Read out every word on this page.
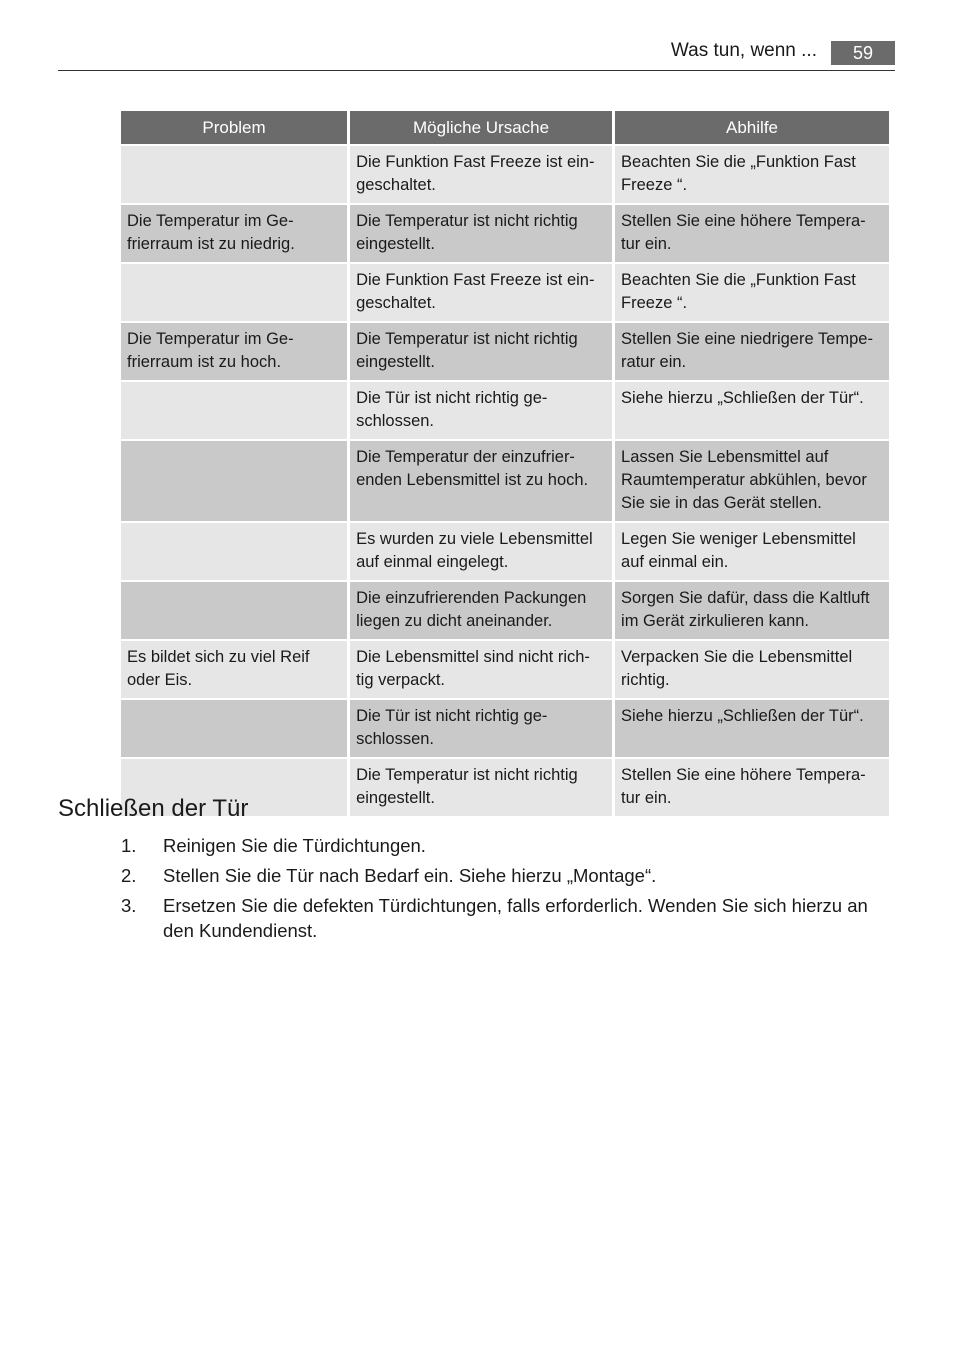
Was tun, wenn ...	59
Problem	Mögliche Ursache	Abhilfe
	Die Funktion Fast Freeze ist ein-geschaltet.	Beachten Sie die „Funktion Fast Freeze “.
Die Temperatur im Ge-frierraum ist zu niedrig.	Die Temperatur ist nicht richtig eingestellt.	Stellen Sie eine höhere Tempera-tur ein.
	Die Funktion Fast Freeze ist ein-geschaltet.	Beachten Sie die „Funktion Fast Freeze “.
Die Temperatur im Ge-frierraum ist zu hoch.	Die Temperatur ist nicht richtig eingestellt.	Stellen Sie eine niedrigere Tempe-ratur ein.
	Die Tür ist nicht richtig ge-schlossen.	Siehe hierzu „Schließen der Tür“.
	Die Temperatur der einzufrier-enden Lebensmittel ist zu hoch.	Lassen Sie Lebensmittel auf Raumtemperatur abkühlen, bevor Sie sie in das Gerät stellen.
	Es wurden zu viele Lebensmittel auf einmal eingelegt.	Legen Sie weniger Lebensmittel auf einmal ein.
	Die einzufrierenden Packungen liegen zu dicht aneinander.	Sorgen Sie dafür, dass die Kaltluft im Gerät zirkulieren kann.
Es bildet sich zu viel Reif oder Eis.	Die Lebensmittel sind nicht rich-tig verpackt.	Verpacken Sie die Lebensmittel richtig.
	Die Tür ist nicht richtig ge-schlossen.	Siehe hierzu „Schließen der Tür“.
	Die Temperatur ist nicht richtig eingestellt.	Stellen Sie eine höhere Tempera-tur ein.
Schließen der Tür
1. Reinigen Sie die Türdichtungen.
2. Stellen Sie die Tür nach Bedarf ein. Siehe hierzu „Montage“.
3. Ersetzen Sie die defekten Türdichtungen, falls erforderlich. Wenden Sie sich hierzu an den Kundendienst.
